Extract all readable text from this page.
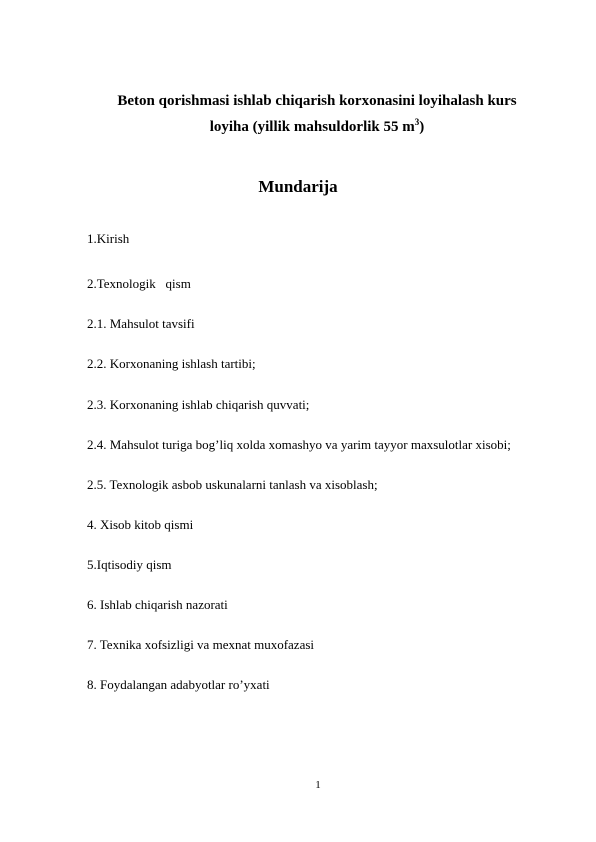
Beton qorishmasi ishlab chiqarish korxonasini loyihalash kurs
loyiha (yillik mahsuldorlik 55 $m^3$)
Mundarija
1.Kirish
2.Texnologik   qism
2.1. Mahsulot tavsifi
2.2. Korxonaning ishlash tartibi;
2.3. Korxonaning ishlab chiqarish quvvati;
2.4. Mahsulot turiga bog’liq xolda xomashyo va yarim tayyor maxsulotlar xisobi;
2.5. Texnologik asbob uskunalarni tanlash va xisoblash;
4. Xisob kitob qismi
5.Iqtisodiy qism
6. Ishlab chiqarish nazorati
7. Texnika xofsizligi va mexnat muxofazasi
8. Foydalangan adabyotlar ro’yxati
1
